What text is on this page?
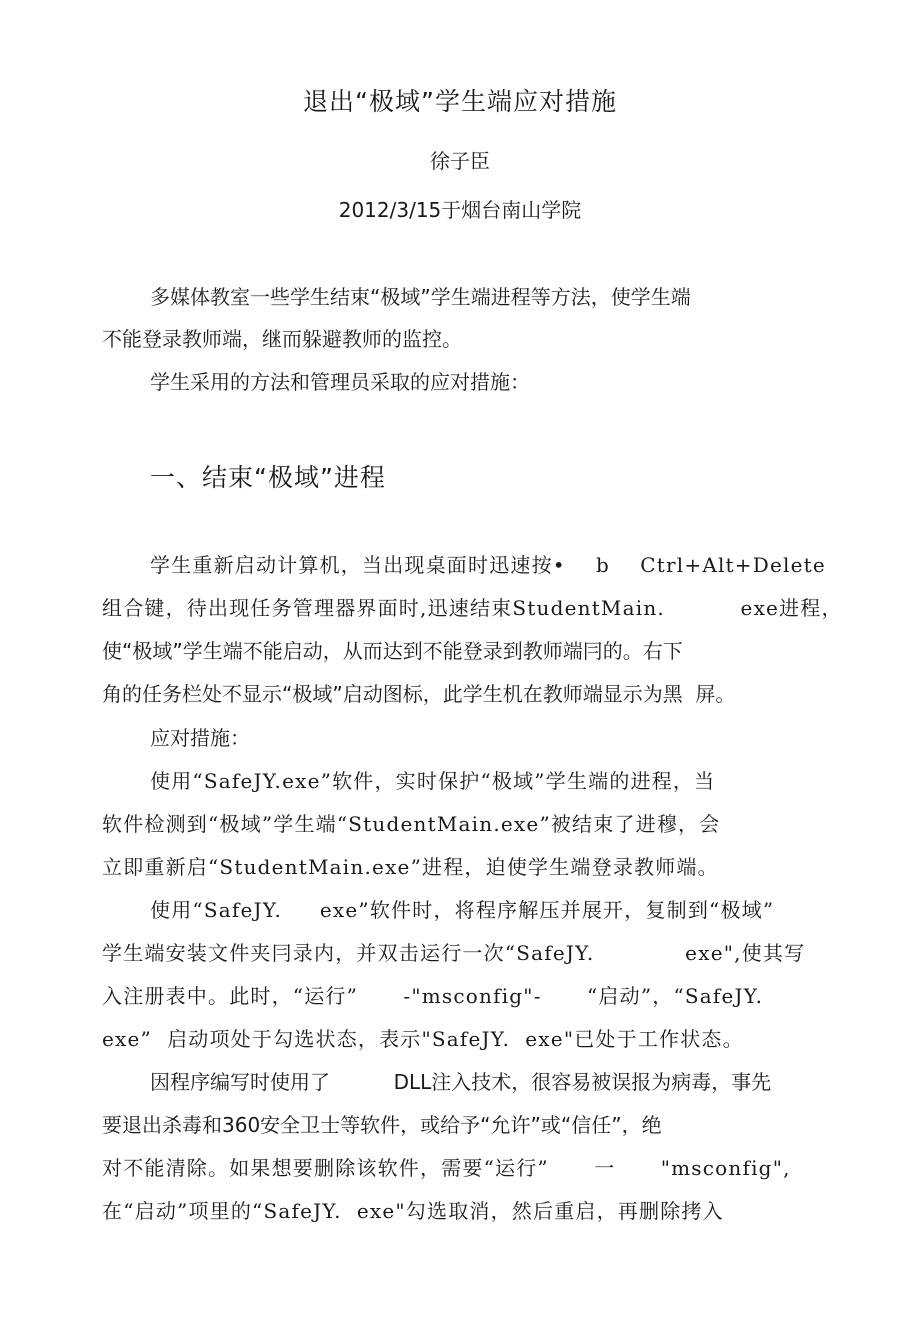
退出“极域”学生端应对措施
徐子臣
2012/3/15于烟台南山学院
多媒体教室一些学生结束“极域”学生端进程等方法，使学生端
不能登录教师端，继而躲避教师的监控。
学生采用的方法和管理员采取的应对措施：
一、结束“极域”进程
学生重新启动计算机，当出现桌面时迅速按•    b    Ctrl+Alt+Delete
组合键，待出现任务管理器界面时,迅速结束StudentMain.          exe进程，
使“极域”学生端不能启动，从而达到不能登录到教师端冃的。右下
角的任务栏处不显示“极域”启动图标，此学生机在教师端显示为黑  屏。
应对措施：
使用“SafeJY.exe”软件，实时保护“极域”学生端的进程，当
软件检测到“极域”学生端“StudentMain.exe”被结束了进穆，会
立即重新启“StudentMain.exe”进程，迫使学生端登录教师端。
使用“SafeJY.     exe”软件时，将程序解压并展开，复制到“极域”
学生端安装文件夹冃录内，并双击运行一次“SafeJY.            exe",使其写
入注册表中。此时，“运行”      -"msconfig"-      “启动”，“SafeJY.
exe”  启动项处于勾选状态，表示"SafeJY.  exe"已处于工作状态。
因程序编写时使用了          DLL注入技术，很容易被误报为病毒，事先
要退出杀毒和360安全卫士等软件，或给予“允许”或“信任”，绝
对不能清除。如果想要删除该软件，需要“运行”      一      "msconfig",
在“启动”项里的“SafeJY.  exe"勾选取消，然后重启，再删除拷入
